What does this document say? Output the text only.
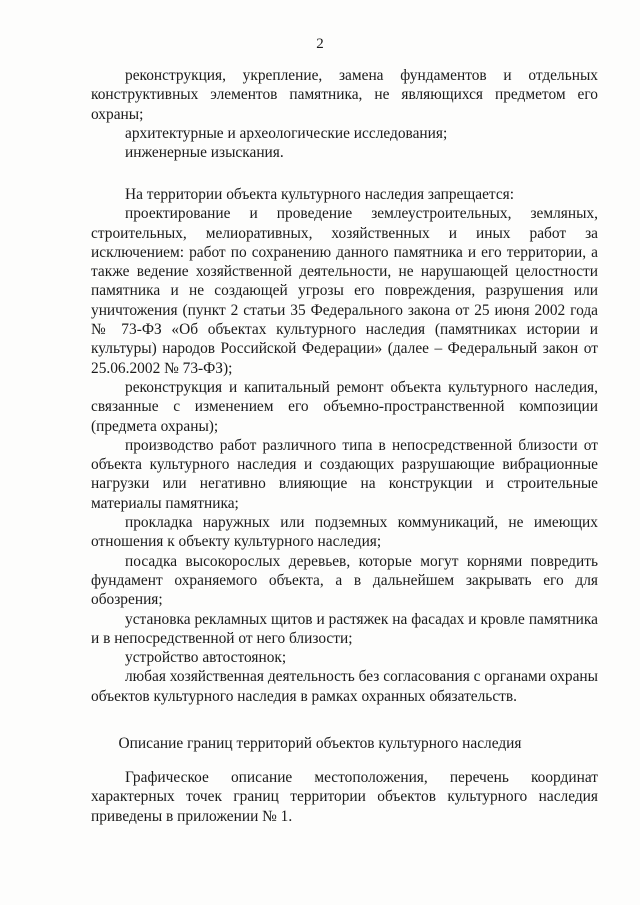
2

реконструкция, укрепление, замена фундаментов и отдельных конструктивных элементов памятника, не являющихся предметом его охраны;

архитектурные и археологические исследования;

инженерные изыскания.

На территории объекта культурного наследия запрещается:

проектирование и проведение землеустроительных, земляных, строительных, мелиоративных, хозяйственных и иных работ за исключением: работ по сохранению данного памятника и его территории, а также ведение хозяйственной деятельности, не нарушающей целостности памятника и не создающей угрозы его повреждения, разрушения или уничтожения (пункт 2 статьи 35 Федерального закона от 25 июня 2002 года № 73-ФЗ «Об объектах культурного наследия (памятниках истории и культуры) народов Российской Федерации» (далее – Федеральный закон от 25.06.2002 № 73-ФЗ);

реконструкция и капитальный ремонт объекта культурного наследия, связанные с изменением его объемно-пространственной композиции (предмета охраны);

производство работ различного типа в непосредственной близости от объекта культурного наследия и создающих разрушающие вибрационные нагрузки или негативно влияющие на конструкции и строительные материалы памятника;

прокладка наружных или подземных коммуникаций, не имеющих отношения к объекту культурного наследия;

посадка высокорослых деревьев, которые могут корнями повредить фундамент охраняемого объекта, а в дальнейшем закрывать его для обозрения;

установка рекламных щитов и растяжек на фасадах и кровле памятника и в непосредственной от него близости;

устройство автостоянок;

любая хозяйственная деятельность без согласования с органами охраны объектов культурного наследия в рамках охранных обязательств.

Описание границ территорий объектов культурного наследия

Графическое описание местоположения, перечень координат характерных точек границ территории объектов культурного наследия приведены в приложении № 1.
